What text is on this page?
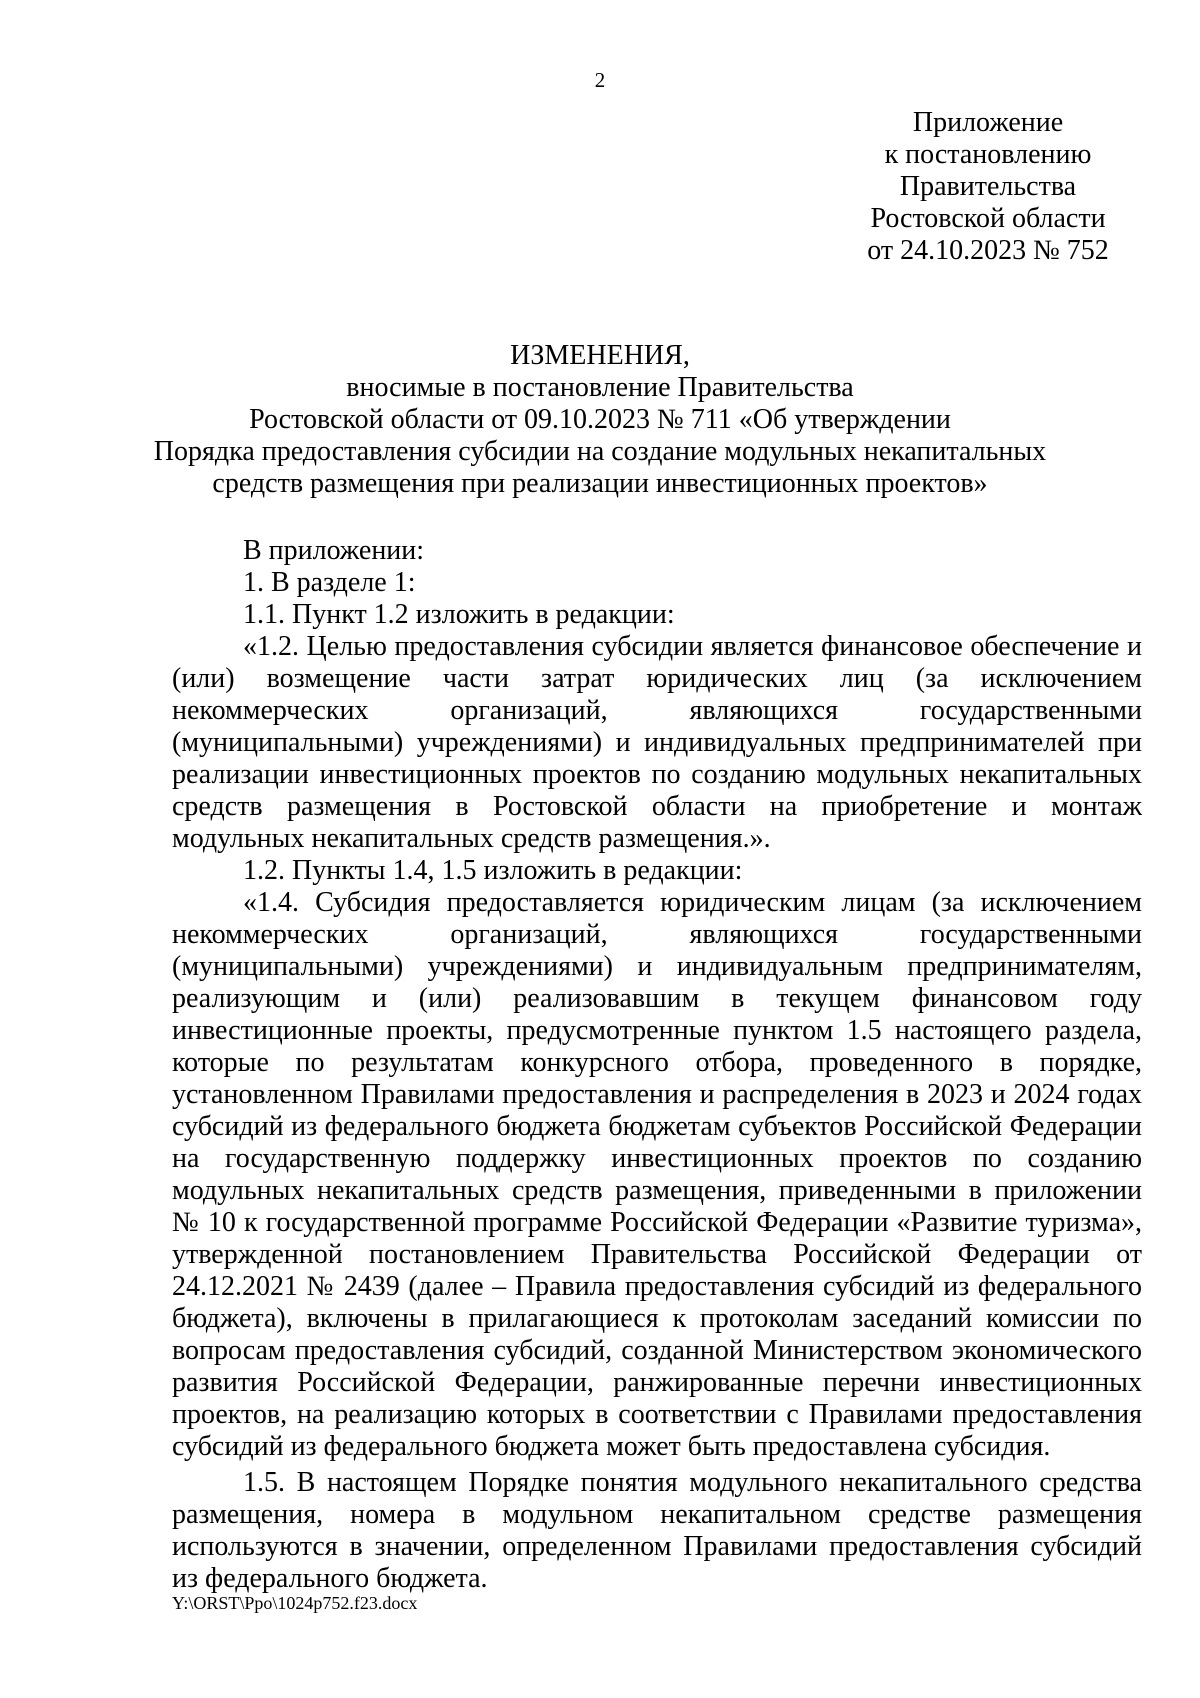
2
Приложение
к постановлению
Правительства
Ростовской области
от 24.10.2023 № 752
ИЗМЕНЕНИЯ,
вносимые в постановление Правительства
Ростовской области от 09.10.2023 № 711 «Об утверждении
Порядка предоставления субсидии на создание модульных некапитальных
средств размещения при реализации инвестиционных проектов»

В приложении:

1. В разделе 1:

1.1. Пункт 1.2 изложить в редакции:

«1.2. Целью предоставления субсидии является финансовое обеспечение и (или) возмещение части затрат юридических лиц (за исключением некоммерческих организаций, являющихся государственными (муниципальными) учреждениями) и индивидуальных предпринимателей при реализации инвестиционных проектов по созданию модульных некапитальных средств размещения в Ростовской области на приобретение и монтаж модульных некапитальных средств размещения.».

1.2. Пункты 1.4, 1.5 изложить в редакции:

«1.4. Субсидия предоставляется юридическим лицам (за исключением некоммерческих организаций, являющихся государственными (муниципальными) учреждениями) и индивидуальным предпринимателям, реализующим и (или) реализовавшим в текущем финансовом году инвестиционные проекты, предусмотренные пунктом 1.5 настоящего раздела, которые по результатам конкурсного отбора, проведенного в порядке, установленном Правилами предоставления и распределения в 2023 и 2024 годах субсидий из федерального бюджета бюджетам субъектов Российской Федерации на государственную поддержку инвестиционных проектов по созданию модульных некапитальных средств размещения, приведенными в приложении № 10 к государственной программе Российской Федерации «Развитие туризма», утвержденной постановлением Правительства Российской Федерации от 24.12.2021 № 2439 (далее – Правила предоставления субсидий из федерального бюджета), включены в прилагающиеся к протоколам заседаний комиссии по вопросам предоставления субсидий, созданной Министерством экономического развития Российской Федерации, ранжированные перечни инвестиционных проектов, на реализацию которых в соответствии с Правилами предоставления субсидий из федерального бюджета может быть предоставлена субсидия.

1.5. В настоящем Порядке понятия модульного некапитального средства размещения, номера в модульном некапитальном средстве размещения используются в значении, определенном Правилами предоставления субсидий из федерального бюджета.

Y:\ORST\Ppo\1024p752.f23.docx
